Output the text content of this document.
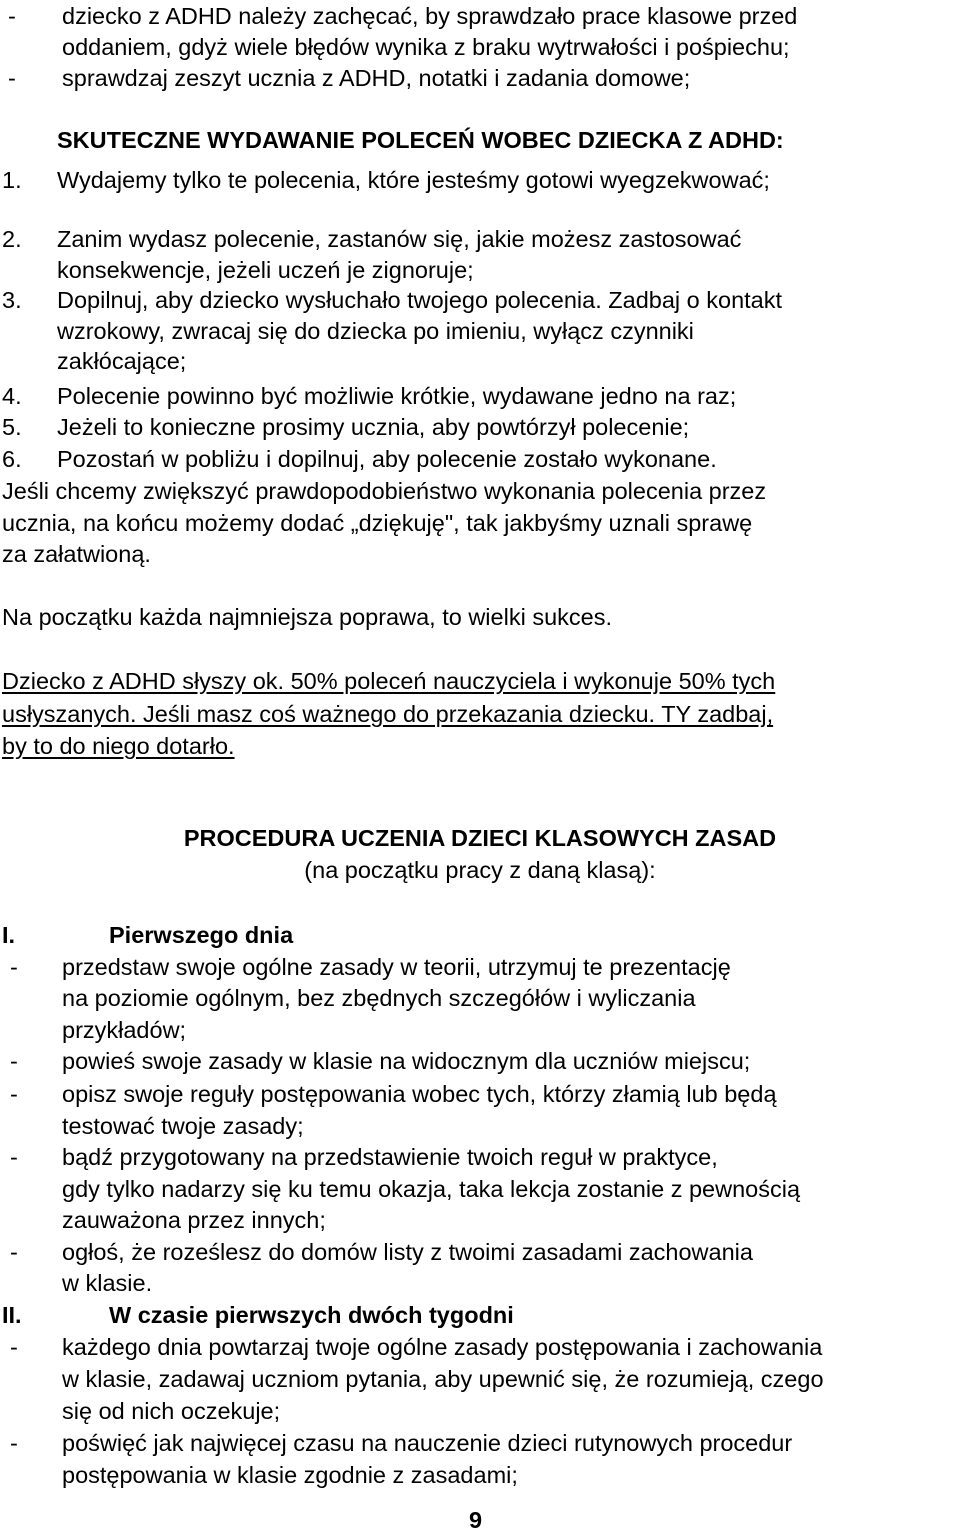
- dziecko z ADHD należy zachęcać, by sprawdzało prace klasowe przed
oddaniem, gdyż wiele błędów wynika z braku wytrwałości i pośpiechu;
- sprawdzaj zeszyt ucznia z ADHD, notatki i zadania domowe;
SKUTECZNE WYDAWANIE POLECEŃ WOBEC DZIECKA Z ADHD:
1. Wydajemy tylko te polecenia, które jesteśmy gotowi wyegzekwować;
2. Zanim wydasz polecenie, zastanów się, jakie możesz zastosować
konsekwencje, jeżeli uczeń je zignoruje;
3. Dopilnuj, aby dziecko wysłuchało twojego polecenia. Zadbaj o kontakt
wzrokowy, zwracaj się do dziecka po imieniu, wyłącz czynniki
zakłócające;
4. Polecenie powinno być możliwie krótkie, wydawane jedno na raz;
5. Jeżeli to konieczne prosimy ucznia, aby powtórzył polecenie;
6. Pozostań w pobliżu i dopilnuj, aby polecenie zostało wykonane.
Jeśli chcemy zwiększyć prawdopodobieństwo wykonania polecenia przez
ucznia, na końcu możemy dodać „dziękuję", tak jakbyśmy uznali sprawę
za załatwioną.
Na początku każda najmniejsza poprawa, to wielki sukces.
Dziecko z ADHD słyszy ok. 50% poleceń nauczyciela i wykonuje 50% tych
usłyszanych. Jeśli masz coś ważnego do przekazania dziecku. TY zadbaj,
by to do niego dotarło.
PROCEDURA UCZENIA DZIECI KLASOWYCH ZASAD
(na początku pracy z daną klasą):
I.	Pierwszego dnia
- przedstaw swoje ogólne zasady w teorii, utrzymuj te prezentację
na poziomie ogólnym, bez zbędnych szczegółów i wyliczania
przykładów;
- powieś swoje zasady w klasie na widocznym dla uczniów miejscu;
- opisz swoje reguły postępowania wobec tych, którzy złamią lub będą
testować twoje zasady;
- bądź przygotowany na przedstawienie twoich reguł w praktyce,
gdy tylko nadarzy się ku temu okazja, taka lekcja zostanie z pewnością
zauważona przez innych;
- ogłoś, że roześlesz do domów listy z twoimi zasadami zachowania
w klasie.
II.	W czasie pierwszych dwóch tygodni
- każdego dnia powtarzaj twoje ogólne zasady postępowania i zachowania
w klasie, zadawaj uczniom pytania, aby upewnić się, że rozumieją, czego
się od nich oczekuje;
- poświęć jak najwięcej czasu na nauczenie dzieci rutynowych procedur
postępowania w klasie zgodnie z zasadami;
9
